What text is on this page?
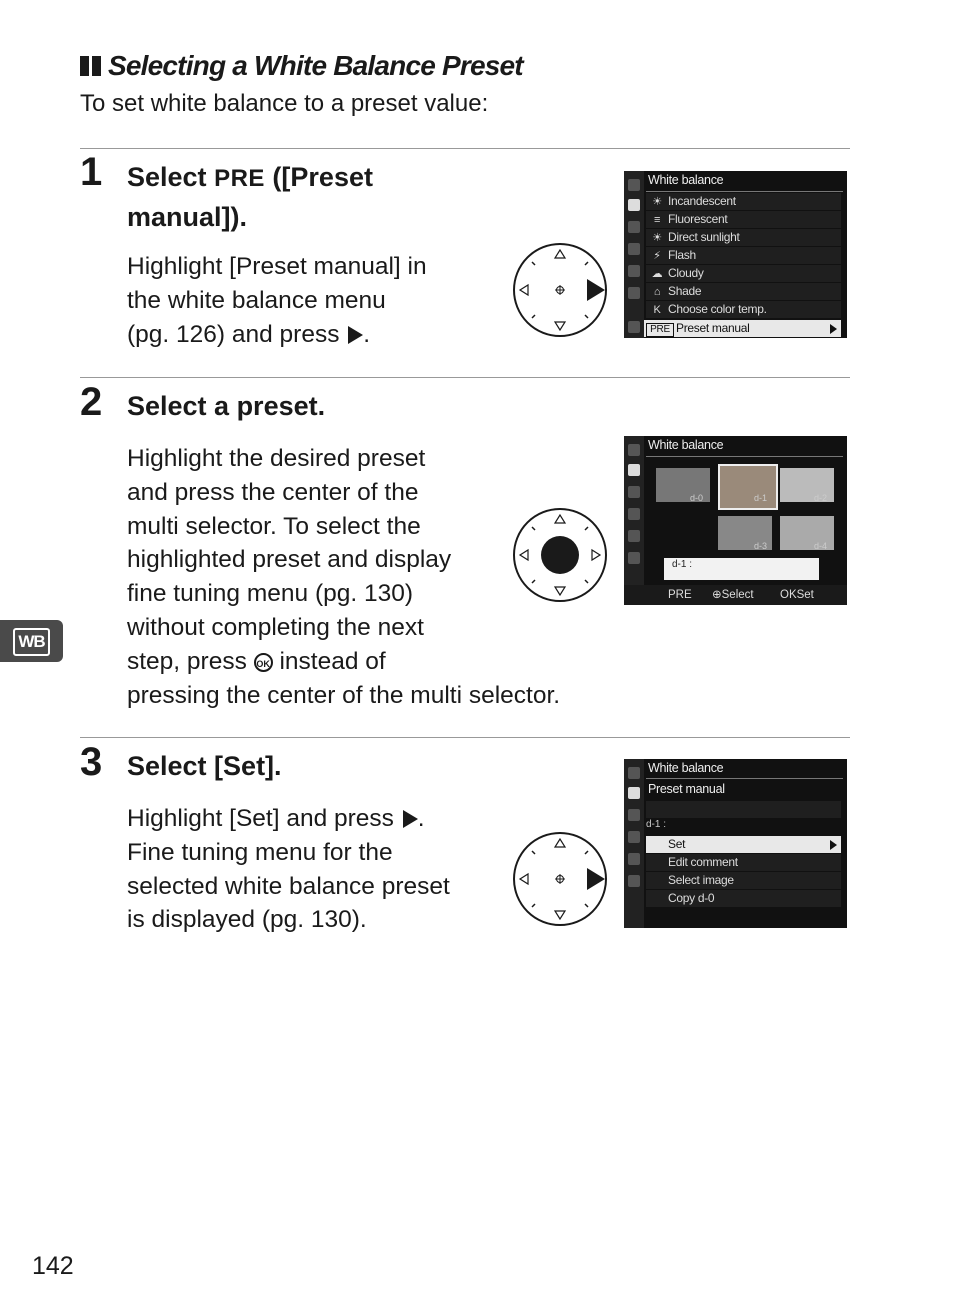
Selecting a White Balance Preset
To set white balance to a preset value:
1 Select PRE ([Preset
manual]).
Highlight [Preset manual] in
the white balance menu
(pg. 126) and press .
White balance
☀ Incandescent
≡ Fluorescent
☀ Direct sunlight
⚡ Flash
☁ Cloudy
⌂ Shade
K Choose color temp.
PRE Preset manual
2 Select a preset.
Highlight the desired preset
and press the center of the
multi selector. To select the
highlighted preset and display
fine tuning menu (pg. 130)
without completing the next
step, press OK instead of
pressing the center of the multi selector.
White balance
d-0	d-1	d-2
d-3	d-4
d-1 :
PRE ⊕Select OKSet
3 Select [Set].
Highlight [Set] and press .
Fine tuning menu for the
selected white balance preset
is displayed (pg. 130).
White balance
Preset manual
d-1 :
Set
Edit comment
Select image
Copy d-0
WB
142
